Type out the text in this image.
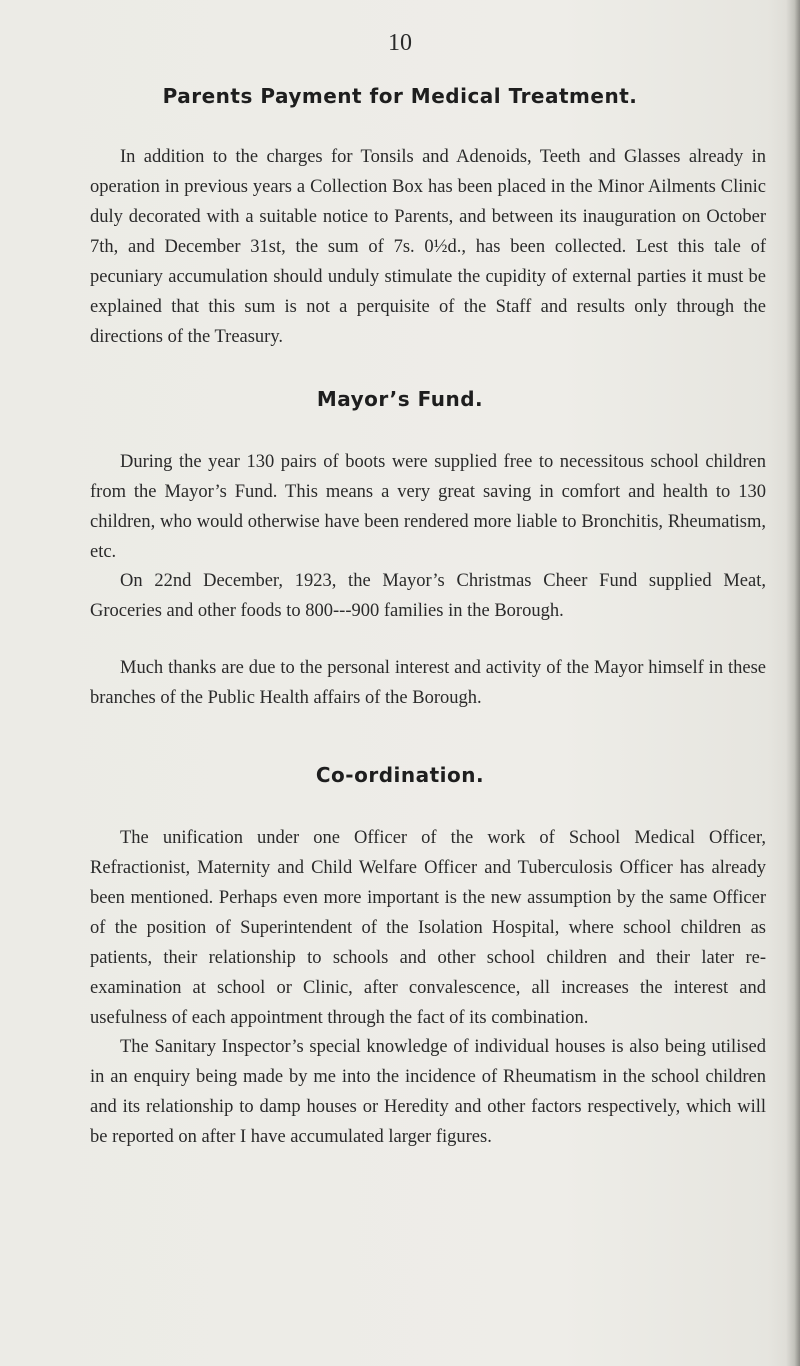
10
Parents Payment for Medical Treatment.

In addition to the charges for Tonsils and Adenoids, Teeth and Glasses already in operation in previous years a Collection Box has been placed in the Minor Ailments Clinic duly decorated with a suitable notice to Parents, and between its inauguration on October 7th, and December 31st, the sum of 7s. 0½d., has been collected. Lest this tale of pecuniary accumulation should unduly stimulate the cupidity of external parties it must be explained that this sum is not a perquisite of the Staff and results only through the directions of the Treasury.

Mayor’s Fund.

During the year 130 pairs of boots were supplied free to necessitous school children from the Mayor’s Fund. This means a very great saving in comfort and health to 130 children, who would otherwise have been rendered more liable to Bronchitis, Rheumatism, etc.

On 22nd December, 1923, the Mayor’s Christmas Cheer Fund supplied Meat, Groceries and other foods to 800---900 families in the Borough.

Much thanks are due to the personal interest and activity of the Mayor himself in these branches of the Public Health affairs of the Borough.

Co-ordination.

The unification under one Officer of the work of School Medical Officer, Refractionist, Maternity and Child Welfare Officer and Tuberculosis Officer has already been mentioned. Perhaps even more important is the new assumption by the same Officer of the position of Superintendent of the Isolation Hospital, where school children as patients, their relationship to schools and other school children and their later re-examination at school or Clinic, after convalescence, all increases the interest and usefulness of each appointment through the fact of its combination.

The Sanitary Inspector’s special knowledge of individual houses is also being utilised in an enquiry being made by me into the incidence of Rheumatism in the school children and its relationship to damp houses or Heredity and other factors respectively, which will be reported on after I have accumulated larger figures.
